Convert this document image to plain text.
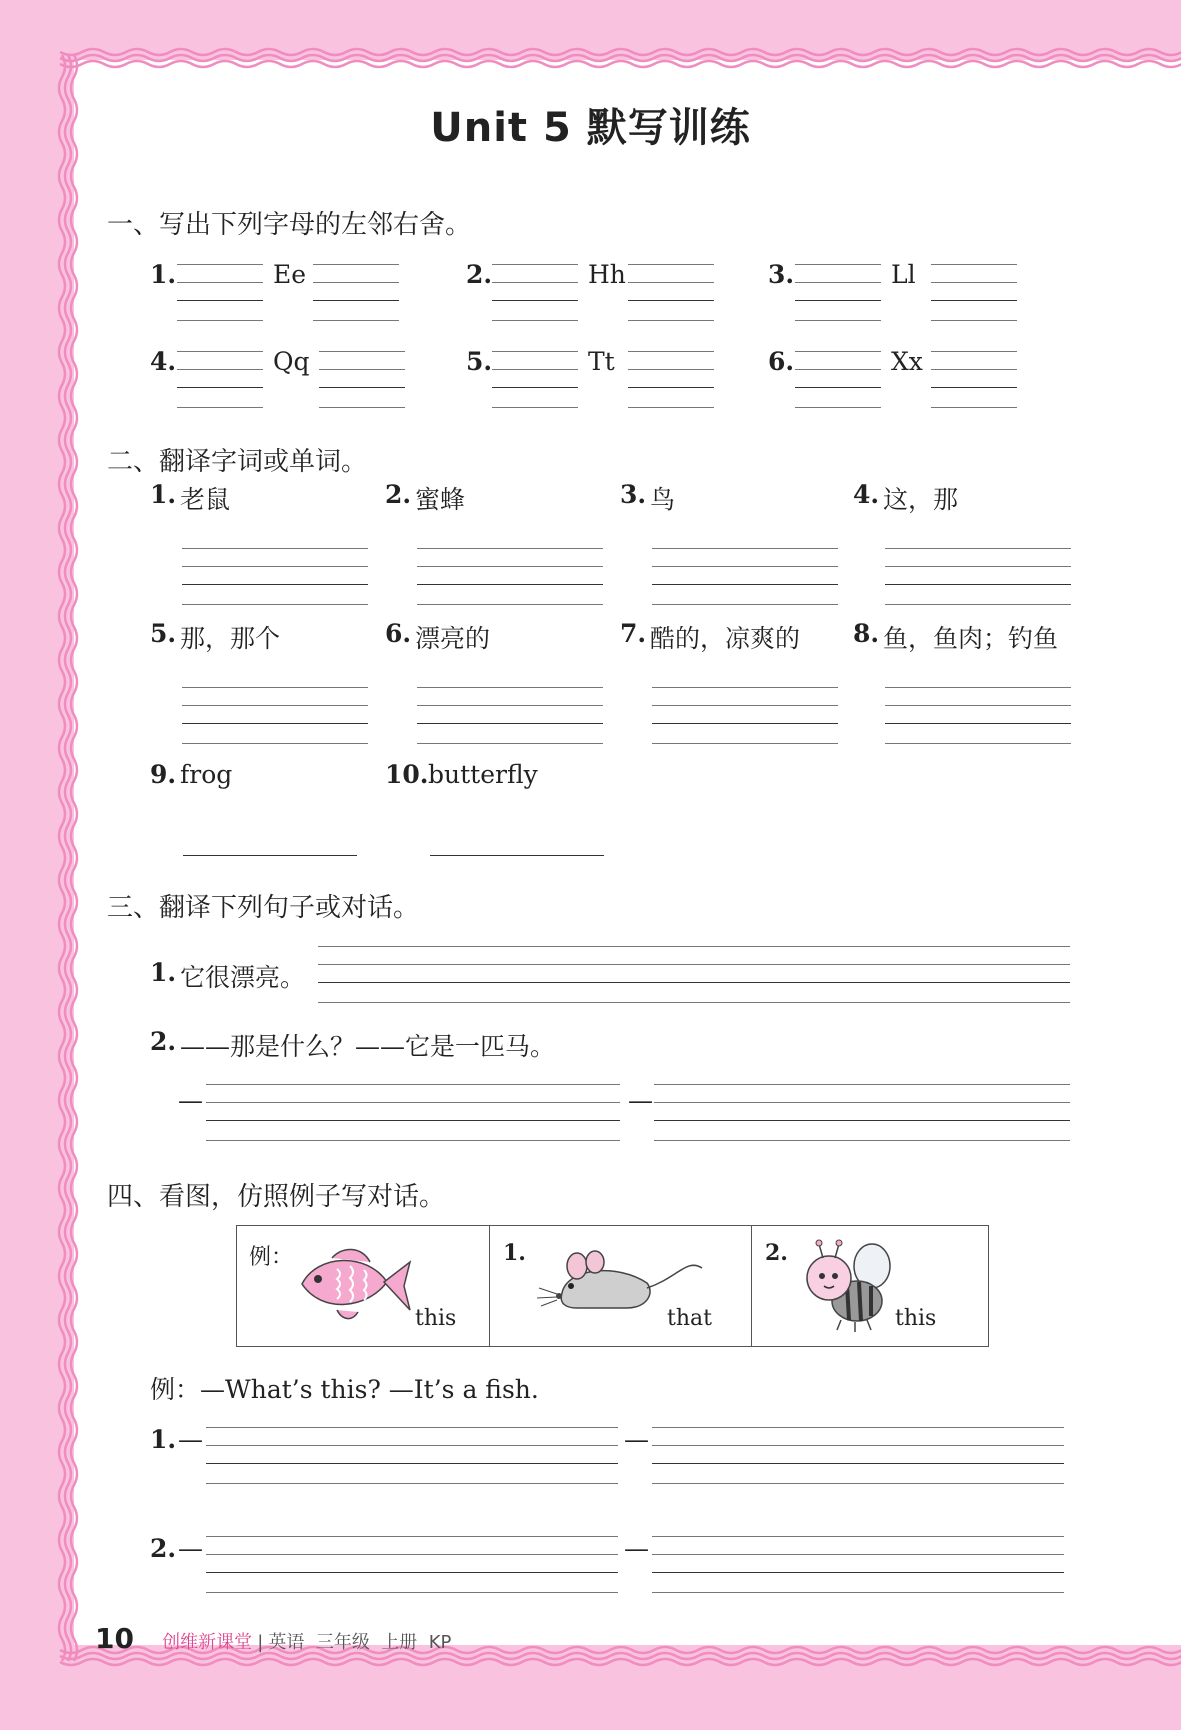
Unit 5 默写训练
一、写出下列字母的左邻右舍。
1.	Ee	2.	Hh	3.	Ll
4.	Qq	5.	Tt	6.	Xx
二、翻译字词或单词。
1. 老鼠	2. 蜜蜂	3. 鸟	4. 这，那
5. 那，那个	6. 漂亮的	7. 酷的，凉爽的 8. 鱼，鱼肉；钓鱼
9. frog	10. butterfly
三、翻译下列句子或对话。
1. 它很漂亮。
2. ——那是什么？——它是一匹马。
—	—
四、看图，仿照例子写对话。
例：
this
1.
that
2.
this
例：—What’s this? —It’s a fish.
1. —	—
2. —	—
10 创维新课堂 | 英语  三年级  上册  KP
